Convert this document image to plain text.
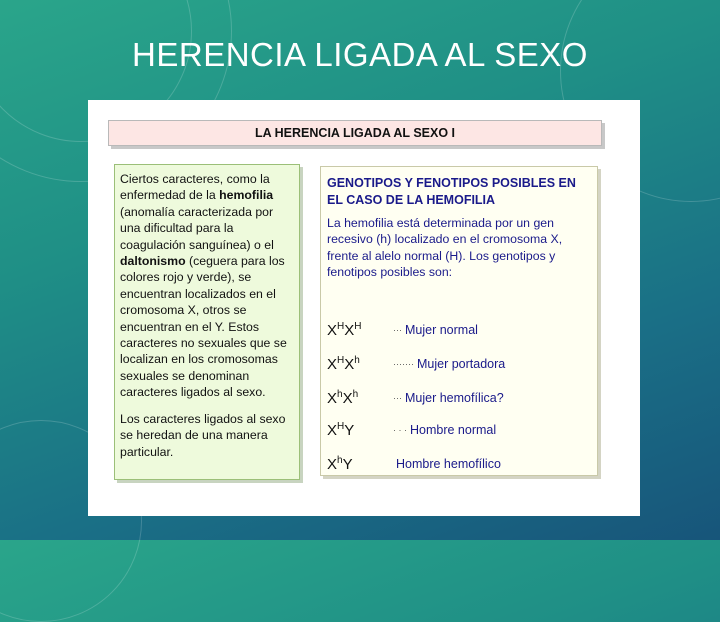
HERENCIA LIGADA AL SEXO
LA HERENCIA LIGADA AL SEXO I

Ciertos caracteres, como la enfermedad de la hemofilia (anomalía caracterizada por una dificultad para la coagulación sanguínea) o el daltonismo (ceguera para los colores rojo y verde), se encuentran localizados en el cromosoma X, otros se encuentran en el Y. Estos caracteres no sexuales que se localizan en los cromosomas sexuales se denominan caracteres ligados al sexo.

Los caracteres ligados al sexo se heredan de una manera particular.

GENOTIPOS Y FENOTIPOS POSIBLES EN EL CASO DE LA HEMOFILIA

La hemofilia está determinada por un gen recesivo (h) localizado en el cromosoma X, frente al alelo normal (H). Los genotipos y fenotipos posibles son:

$X^HX^H$	··· Mujer normal
$X^HX^h$	······· Mujer portadora
$X^hX^h$	··· Mujer hemofílica?
$X^HY$	· · · Hombre normal
$X^hY$	Hombre hemofílico
